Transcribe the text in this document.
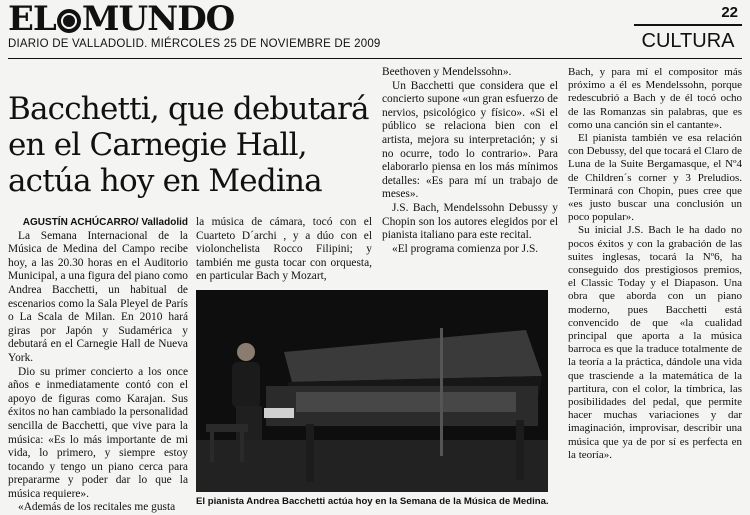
EL MUNDO
DIARIO DE VALLADOLID. MIÉRCOLES 25 DE NOVIEMBRE DE 2009
22
CULTURA
Bacchetti, que debutará en el Carnegie Hall, actúa hoy en Medina

AGUSTÍN ACHÚCARRO/ Valladolid

La Semana Internacional de la Música de Medina del Campo recibe hoy, a las 20.30 horas en el Auditorio Municipal, a una figura del piano como Andrea Bacchetti, un habitual de escenarios como la Sala Pleyel de París o La Scala de Milan. En 2010 hará giras por Japón y Sudamérica y debutará en el Carnegie Hall de Nueva York.

Dio su primer concierto a los once años e inmediatamente contó con el apoyo de figuras como Karajan. Sus éxitos no han cambiado la personalidad sencilla de Bacchetti, que vive para la música: «Es lo más importante de mi vida, lo primero, y siempre estoy tocando y tengo un piano cerca para prepararme y poder dar lo que la música requiere».

«Además de los recitales me gusta

la música de cámara, tocó con el Cuarteto D´archi , y a dúo con el violonchelista Rocco Filipini; y también me gusta tocar con orquesta, en particular Bach y Mozart,

Beethoven y Mendelssohn».

Un Bacchetti que considera que el concierto supone «un gran esfuerzo de nervios, psicológico y físico». «Si el público se relaciona bien con el artista, mejora su interpretación; y si no ocurre, todo lo contrario». Para elaborarlo piensa en los más mínimos detalles: «Es para mí un trabajo de meses».

J.S. Bach, Mendelssohn Debussy y Chopin son los autores elegidos por el pianista italiano para este recital.

«El programa comienza por J.S.

Bach, y para mí el compositor más próximo a él es Mendelssohn, porque redescubrió a Bach y de él tocó ocho de las Romanzas sin palabras, que es como una canción sin el cantante».

El pianista también ve esa relación con Debussy, del que tocará el Claro de Luna de la Suite Bergamasque, el Nº4 de Children´s corner y 3 Preludios. Terminará con Chopin, pues cree que «es justo buscar una conclusión un poco popular».

Su inicial J.S. Bach le ha dado no pocos éxitos y con la grabación de las suites inglesas, tocará la Nº6, ha conseguido dos prestigiosos premios, el Classic Today y el Diapason. Una obra que aborda con un piano moderno, pues Bacchetti está convencido de que «la cualidad principal que aporta a la música barroca es que la traduce totalmente de la teoría a la práctica, dándole una vida que trasciende a la matemática de la partitura, con el color, la tímbrica, las posibilidades del pedal, que permite hacer muchas variaciones y dar imaginación, improvisar, describir una música que ya de por sí es perfecta en la teoría».

El pianista Andrea Bacchetti actúa hoy en la Semana de la Música de Medina.
